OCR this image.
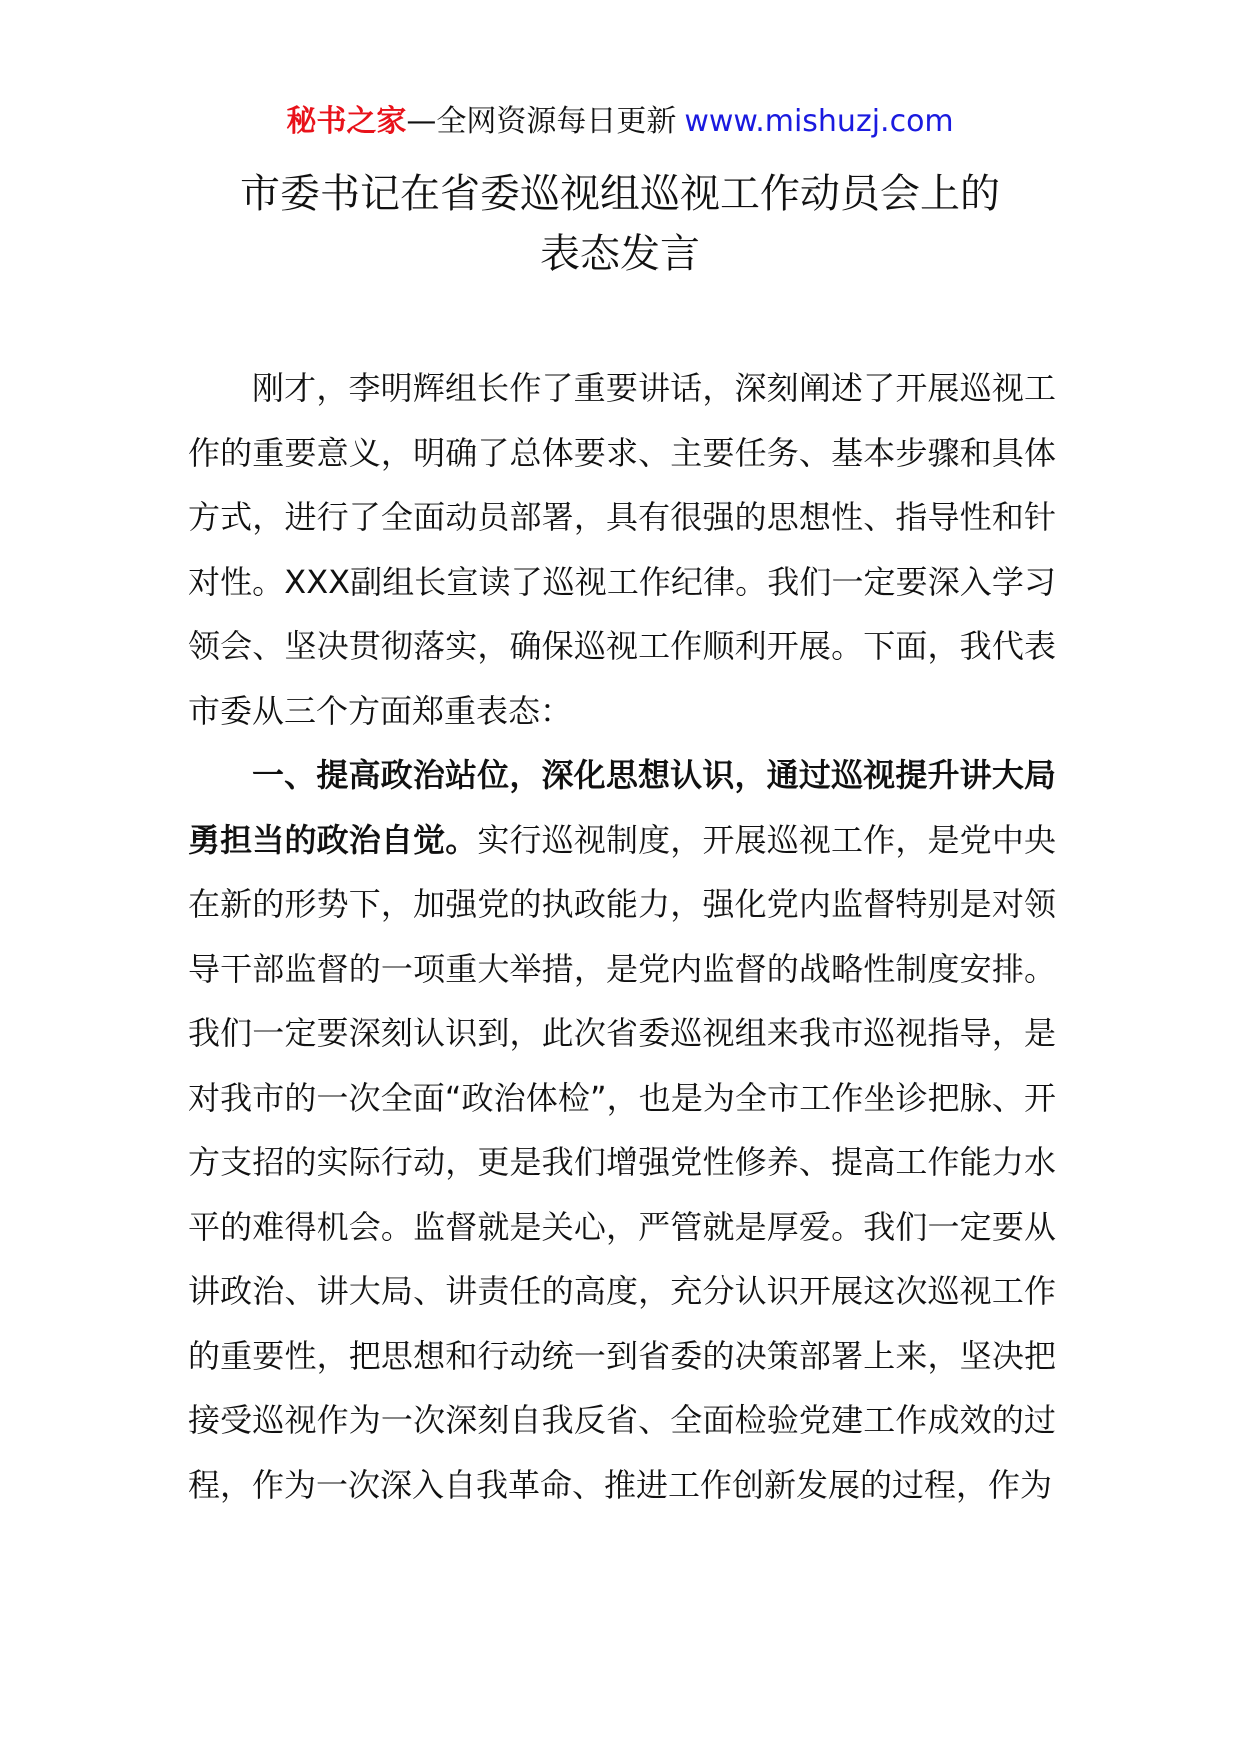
秘书之家—全网资源每日更新 www.mishuzj.com
市委书记在省委巡视组巡视工作动员会上的
表态发言

刚才，李明辉组长作了重要讲话，深刻阐述了开展巡视工作的重要意义，明确了总体要求、主要任务、基本步骤和具体方式，进行了全面动员部署，具有很强的思想性、指导性和针对性。XXX副组长宣读了巡视工作纪律。我们一定要深入学习领会、坚决贯彻落实，确保巡视工作顺利开展。下面，我代表市委从三个方面郑重表态：

一、提高政治站位，深化思想认识，通过巡视提升讲大局勇担当的政治自觉。实行巡视制度，开展巡视工作，是党中央在新的形势下，加强党的执政能力，强化党内监督特别是对领导干部监督的一项重大举措，是党内监督的战略性制度安排。我们一定要深刻认识到，此次省委巡视组来我市巡视指导，是对我市的一次全面“政治体检”，也是为全市工作坐诊把脉、开方支招的实际行动，更是我们增强党性修养、提高工作能力水平的难得机会。监督就是关心，严管就是厚爱。我们一定要从讲政治、讲大局、讲责任的高度，充分认识开展这次巡视工作的重要性，把思想和行动统一到省委的决策部署上来，坚决把接受巡视作为一次深刻自我反省、全面检验党建工作成效的过程，作为一次深入自我革命、推进工作创新发展的过程，作为
